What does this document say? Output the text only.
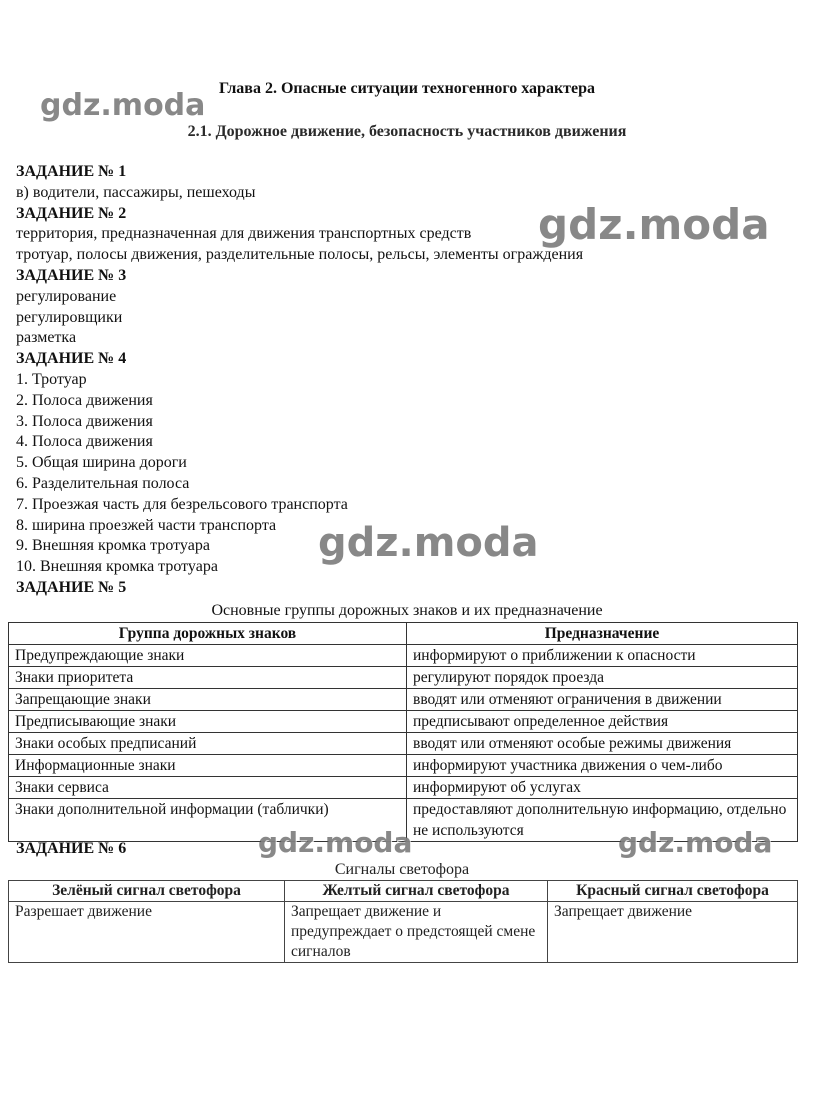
Глава 2. Опасные ситуации техногенного характера
2.1. Дорожное движение, безопасность участников движения
ЗАДАНИЕ № 1
в) водители, пассажиры, пешеходы
ЗАДАНИЕ № 2
территория, предназначенная для движения транспортных средств
тротуар, полосы движения, разделительные полосы, рельсы, элементы ограждения
ЗАДАНИЕ № 3
регулирование
регулировщики
разметка
ЗАДАНИЕ № 4
1. Тротуар
2. Полоса движения
3. Полоса движения
4. Полоса движения
5. Общая ширина дороги
6. Разделительная полоса
7. Проезжая часть для безрельсового транспорта
8. ширина проезжей части транспорта
9. Внешняя кромка тротуара
10. Внешняя кромка тротуара
ЗАДАНИЕ № 5
Основные группы дорожных знаков и их предназначение
Группа дорожных знаков	Предназначение
Предупреждающие знаки	информируют о приближении к опасности
Знаки приоритета	регулируют порядок проезда
Запрещающие знаки	вводят или отменяют ограничения в движении
Предписывающие знаки	предписывают определенное действия
Знаки особых предписаний	вводят или отменяют особые режимы движения
Информационные знаки	информируют участника движения о чем-либо
Знаки сервиса	информируют об услугах
Знаки дополнительной информации (таблички)	предоставляют дополнительную информацию, отдельно не используются
ЗАДАНИЕ № 6
Сигналы светофора
Зелёный сигнал светофора	Желтый сигнал светофора	Красный сигнал светофора
Разрешает движение	Запрещает движение и предупреждает о предстоящей смене сигналов	Запрещает движение
gdz.moda
gdz.moda
gdz.moda
gdz.moda	gdz.moda
